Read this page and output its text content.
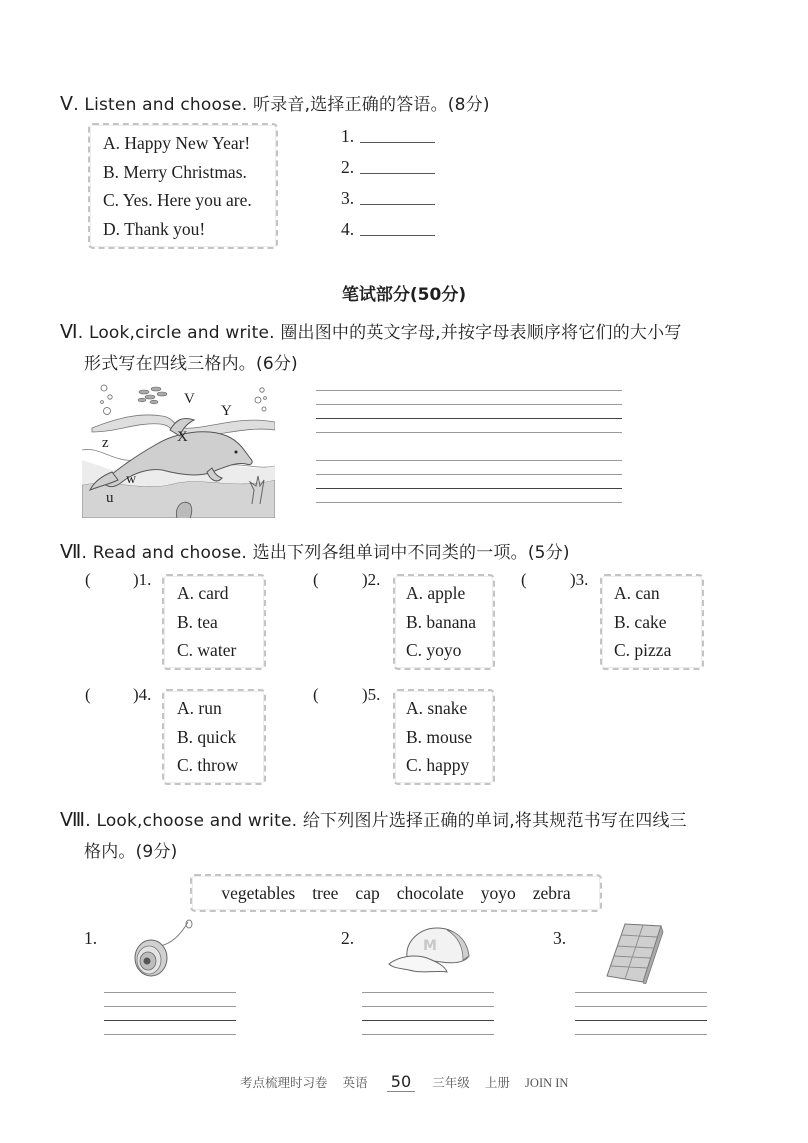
Ⅴ. Listen and choose. 听录音,选择正确的答语。(8分)
A. Happy New Year!
B. Merry Christmas.
C. Yes. Here you are.
D. Thank you!
1.
2.
3.
4.
笔试部分(50分)
Ⅵ. Look,circle and write. 圈出图中的英文字母,并按字母表顺序将它们的大小写
形式写在四线三格内。(6分)
V
Y
X
z
w
u
Ⅶ. Read and choose. 选出下列各组单词中不同类的一项。(5分)
( )1.
A. card
B. tea
C. water
(	)2.
A. apple
B. banana
C. yoyo
(	)3.
A. can
B. cake
C. pizza
( )4.
A. run
B. quick
C. throw
(	)5.
A. snake
B. mouse
C. happy
Ⅷ. Look,choose and write. 给下列图片选择正确的单词,将其规范书写在四线三
格内。(9分)
vegetables tree cap chocolate yoyo zebra
1.	2.	M	3.
考点梳理时习卷 英语 50 三年级 上册 JOIN IN
